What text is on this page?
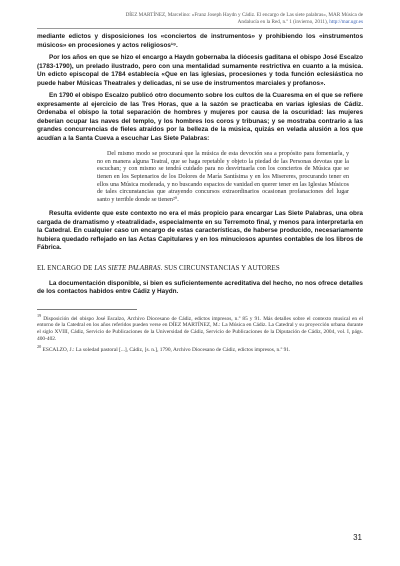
DÍEZ MARTÍNEZ, Marcelino: «Franz Joseph Haydn y Cádiz. El encargo de Las siete palabras», MAR Música de Andalucía en la Red, n.º 1 (invierno, 2011), http://mar.ugr.es

mediante edictos y disposiciones los «conciertos de instrumentos» y prohibiendo los «instrumentos músicos» en procesiones y actos religiosos¹⁹.

Por los años en que se hizo el encargo a Haydn gobernaba la diócesis gaditana el obispo José Escalzo (1783-1790), un prelado ilustrado, pero con una mentalidad sumamente restrictiva en cuanto a la música. Un edicto episcopal de 1784 establecía «Que en las iglesias, procesiones y toda función eclesiástica no puede haber Músicas Theatrales y delicadas, ni se use de instrumentos marciales y profanos».

En 1790 el obispo Escalzo publicó otro documento sobre los cultos de la Cuaresma en el que se refiere expresamente al ejercicio de las Tres Horas, que a la sazón se practicaba en varias iglesias de Cádiz. Ordenaba el obispo la total separación de hombres y mujeres por causa de la oscuridad: las mujeres deberían ocupar las naves del templo, y los hombres los coros y tribunas; y se mostraba contrario a las grandes concurrencias de fieles atraídos por la belleza de la música, quizás en velada alusión a los que acudían a la Santa Cueva a escuchar Las Siete Palabras:

Del mismo modo se procurará que la música de esta devoción sea a propósito para fomentarla, y no en manera alguna Teatral, que se haga repetable y objeto la piedad de las Personas devotas que la escuchan; y con mismo se tendrá cuidado para no desvirtuarla con los conciertos de Música que se tienen en los Septenarios de los Dolores de María Santísima y en los Misereres, procurando tener en ellos una Música moderada, y no buscando espacios de vanidad en querer tener en las Iglesias Músicos de tales circunstancias que atrayendo concursos extraordinarios ocasionan profanaciones del lugar santo y terrible donde se tienen²⁰.

Resulta evidente que este contexto no era el más propicio para encargar Las Siete Palabras, una obra cargada de dramatismo y «teatralidad», especialmente en su Terremoto final, y menos para interpretarla en la Catedral. En cualquier caso un encargo de estas características, de haberse producido, necesariamente hubiera quedado reflejado en las Actas Capitulares y en los minuciosos apuntes contables de los libros de Fábrica.

EL ENCARGO DE LAS SIETE PALABRAS. SUS CIRCUNSTANCIAS Y AUTORES

La documentación disponible, si bien es suficientemente acreditativa del hecho, no nos ofrece detalles de los contactos habidos entre Cádiz y Haydn.

$^{19}$ Disposición del obispo José Escalzo, Archivo Diocesano de Cádiz, edictos impresos, n.º 85 y 91. Más detalles sobre el contexto musical en el entorno de la Catedral en los años referidos pueden verse en DÍEZ MARTÍNEZ, M.: La Música en Cádiz. La Catedral y su proyección urbana durante el siglo XVIII, Cádiz, Servicio de Publicaciones de la Universidad de Cádiz, Servicio de Publicaciones de la Diputación de Cádiz, 2004, vol. I, págs. 400-402.

$^{20}$ ESCALZO, J.: La soledad pastoral [...], Cádiz, [s. n.], 1790, Archivo Diocesano de Cádiz, edictos impresos, n.º 91.

31
